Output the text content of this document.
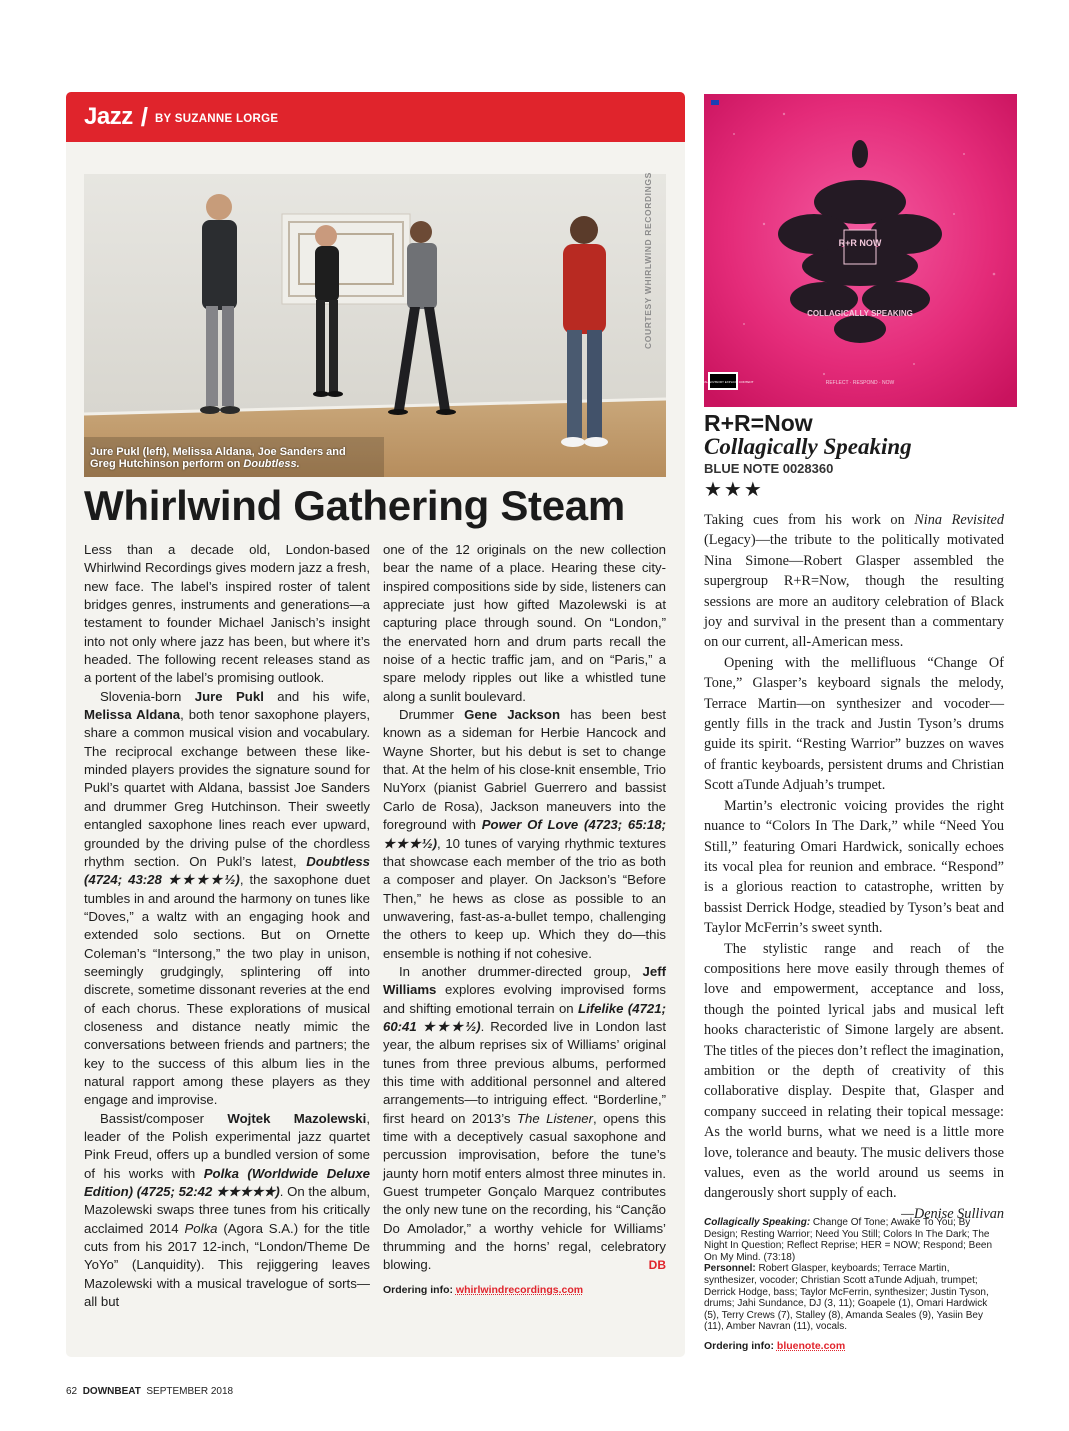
Jazz / BY SUZANNE LORGE
COURTESY WHIRLWIND RECORDINGS
Jure Pukl (left), Melissa Aldana, Joe Sanders and Greg Hutchinson perform on Doubtless.
Whirlwind Gathering Steam

Less than a decade old, London-based Whirlwind Recordings gives modern jazz a fresh, new face. The label’s inspired roster of talent bridges genres, instruments and generations—a testament to founder Michael Janisch’s insight into not only where jazz has been, but where it’s headed. The following recent releases stand as a portent of the label’s promising outlook.

Slovenia-born Jure Pukl and his wife, Melissa Aldana, both tenor saxophone players, share a common musical vision and vocabulary. The reciprocal exchange between these like-minded players provides the signature sound for Pukl’s quartet with Aldana, bassist Joe Sanders and drummer Greg Hutchinson. Their sweetly entangled saxophone lines reach ever upward, grounded by the driving pulse of the chordless rhythm section. On Pukl’s latest, Doubtless (4724; 43:28 ★★★★½), the saxophone duet tumbles in and around the harmony on tunes like “Doves,” a waltz with an engaging hook and extended solo sections. But on Ornette Coleman’s “Intersong,” the two play in unison, seemingly grudgingly, splintering off into discrete, sometime dissonant reveries at the end of each chorus. These explorations of musical closeness and distance neatly mimic the conversations between friends and partners; the key to the success of this album lies in the natural rapport among these players as they engage and improvise.

Bassist/composer Wojtek Mazolewski, leader of the Polish experimental jazz quartet Pink Freud, offers up a bundled version of some of his works with Polka (Worldwide Deluxe Edition) (4725; 52:42 ★★★★★). On the album, Mazolewski swaps three tunes from his critically acclaimed 2014 Polka (Agora S.A.) for the title cuts from his 2017 12-inch, “London/Theme De YoYo” (Lanquidity). This rejiggering leaves Mazolewski with a musical travelogue of sorts—all but

one of the 12 originals on the new collection bear the name of a place. Hearing these city-inspired compositions side by side, listeners can appreciate just how gifted Mazolewski is at capturing place through sound. On “London,” the enervated horn and drum parts recall the noise of a hectic traffic jam, and on “Paris,” a spare melody ripples out like a whistled tune along a sunlit boulevard.

Drummer Gene Jackson has been best known as a sideman for Herbie Hancock and Wayne Shorter, but his debut is set to change that. At the helm of his close-knit ensemble, Trio NuYorx (pianist Gabriel Guerrero and bassist Carlo de Rosa), Jackson maneuvers into the foreground with Power Of Love (4723; 65:18; ★★★½), 10 tunes of varying rhythmic textures that showcase each member of the trio as both a composer and player. On Jackson’s “Before Then,” he hews as close as possible to an unwavering, fast-as-a-bullet tempo, challenging the others to keep up. Which they do—this ensemble is nothing if not cohesive.

In another drummer-directed group, Jeff Williams explores evolving improvised forms and shifting emotional terrain on Lifelike (4721; 60:41 ★★★½). Recorded live in London last year, the album reprises six of Williams’ original tunes from three previous albums, performed this time with additional personnel and altered arrangements—to intriguing effect. “Borderline,” first heard on 2013’s The Listener, opens this time with a deceptively casual saxophone and percussion improvisation, before the tune’s jaunty horn motif enters almost three minutes in. Guest trumpeter Gonçalo Marquez contributes the only new tune on the recording, his “Canção Do Amolador,” a worthy vehicle for Williams’ thrumming and the horns’ regal, celebratory blowing.	DB

Ordering info: whirlwindrecordings.com
R+R NOW
COLLAGICALLY SPEAKING
REFLECT · RESPOND · NOW
PARENTAL ADVISORY EXPLICIT CONTENT
R+R=Now
Collagically Speaking
BLUE NOTE 0028360
★★★

Taking cues from his work on Nina Revisited (Legacy)—the tribute to the politically motivated Nina Simone—Robert Glasper assembled the supergroup R+R=Now, though the resulting sessions are more an auditory celebration of Black joy and survival in the present than a commentary on our current, all-American mess.

Opening with the mellifluous “Change Of Tone,” Glasper’s keyboard signals the melody, Terrace Martin—on synthesizer and vocoder—gently fills in the track and Justin Tyson’s drums guide its spirit. “Resting Warrior” buzzes on waves of frantic keyboards, persistent drums and Christian Scott aTunde Adjuah’s trumpet.

Martin’s electronic voicing provides the right nuance to “Colors In The Dark,” while “Need You Still,” featuring Omari Hardwick, sonically echoes its vocal plea for reunion and embrace. “Respond” is a glorious reaction to catastrophe, written by bassist Derrick Hodge, steadied by Tyson’s beat and Taylor McFerrin’s sweet synth.

The stylistic range and reach of the compositions here move easily through themes of love and empowerment, acceptance and loss, though the pointed lyrical jabs and musical left hooks characteristic of Simone largely are absent. The titles of the pieces don’t reflect the imagination, ambition or the depth of creativity of this collaborative display. Despite that, Glasper and company succeed in relating their topical message: As the world burns, what we need is a little more love, tolerance and beauty. The music delivers those values, even as the world around us seems in dangerously short supply of each.
—Denise Sullivan

Collagically Speaking: Change Of Tone; Awake To You; By Design; Resting Warrior; Need You Still; Colors In The Dark; The Night In Question; Reflect Reprise; HER = NOW; Respond; Been On My Mind. (73:18)

Personnel: Robert Glasper, keyboards; Terrace Martin, synthesizer, vocoder; Christian Scott aTunde Adjuah, trumpet; Derrick Hodge, bass; Taylor McFerrin, synthesizer; Justin Tyson, drums; Jahi Sundance, DJ (3, 11); Goapele (1), Omari Hardwick (5), Terry Crews (7), Stalley (8), Amanda Seales (9), Yasiin Bey (11), Amber Navran (11), vocals.

Ordering info: bluenote.com
62 DOWNBEAT SEPTEMBER 2018
